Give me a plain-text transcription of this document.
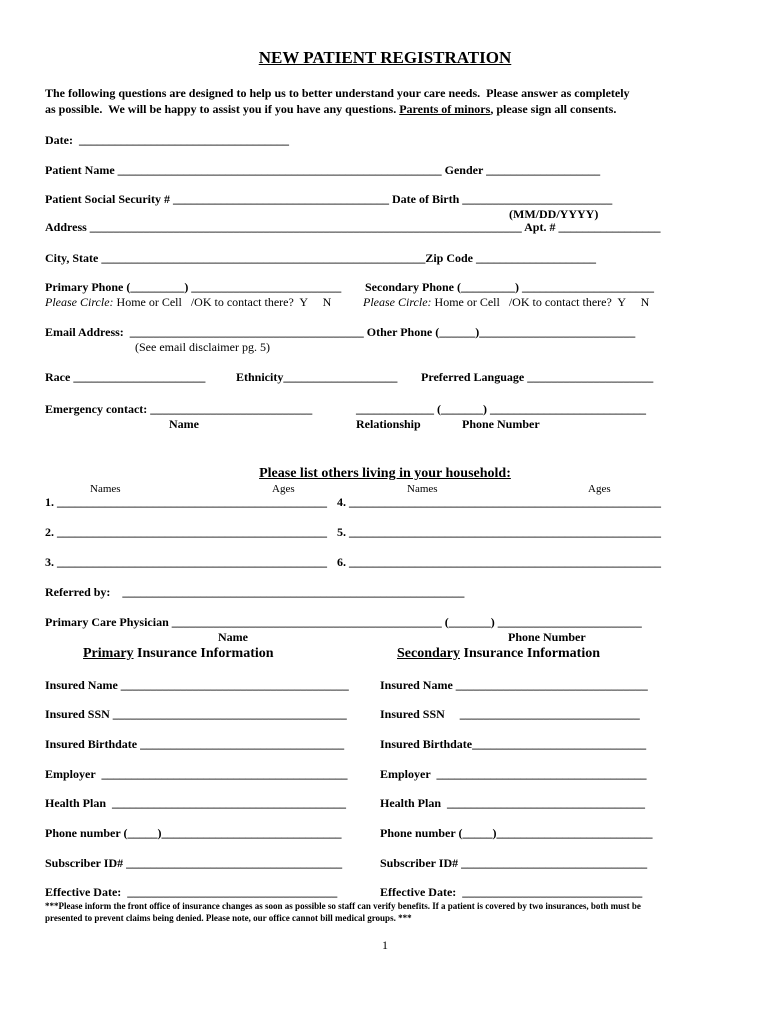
NEW PATIENT REGISTRATION
The following questions are designed to help us to better understand your care needs.  Please answer as completely
as possible.  We will be happy to assist you if you have any questions. Parents of minors, please sign all consents.
Date:  ___________________________________
Patient Name ______________________________________________________ Gender ___________________
Patient Social Security # ____________________________________ Date of Birth _________________________
(MM/DD/YYYY)
Address ________________________________________________________________________ Apt. # _________________
City, State ______________________________________________________Zip Code ____________________
Primary Phone (_________) _________________________ Secondary Phone (_________) ______________________
Please Circle: Home or Cell   /OK to contact there?  Y     N	Please Circle: Home or Cell   /OK to contact there?  Y     N
Email Address:  _______________________________________ Other Phone (______)__________________________
(See email disclaimer pg. 5)
Race ______________________	Ethnicity___________________ Preferred Language _____________________
Emergency contact: ___________________________	_____________ (_______) __________________________
Name	Relationship	Phone Number
Please list others living in your household:
Names	Ages	Names	Ages
1. _____________________________________________
2. _____________________________________________
3. _____________________________________________
4. ____________________________________________________
5. ____________________________________________________
6. ____________________________________________________
Referred by:    _________________________________________________________
Primary Care Physician _____________________________________________ (_______) ________________________
Name	Phone Number
Primary Insurance Information	Secondary Insurance Information
Insured Name ______________________________________
Insured SSN _______________________________________
Insured Birthdate __________________________________
Employer  _________________________________________
Health Plan  _______________________________________
Phone number (_____)______________________________
Subscriber ID# ____________________________________
Effective Date:  ___________________________________
Insured Name ________________________________
Insured SSN     ______________________________
Insured Birthdate_____________________________
Employer  ___________________________________
Health Plan  _________________________________
Phone number (_____)__________________________
Subscriber ID# _______________________________
Effective Date:  ______________________________
***Please inform the front office of insurance changes as soon as possible so staff can verify benefits. If a patient is covered by two insurances, both must be
presented to prevent claims being denied. Please note, our office cannot bill medical groups. ***
1
